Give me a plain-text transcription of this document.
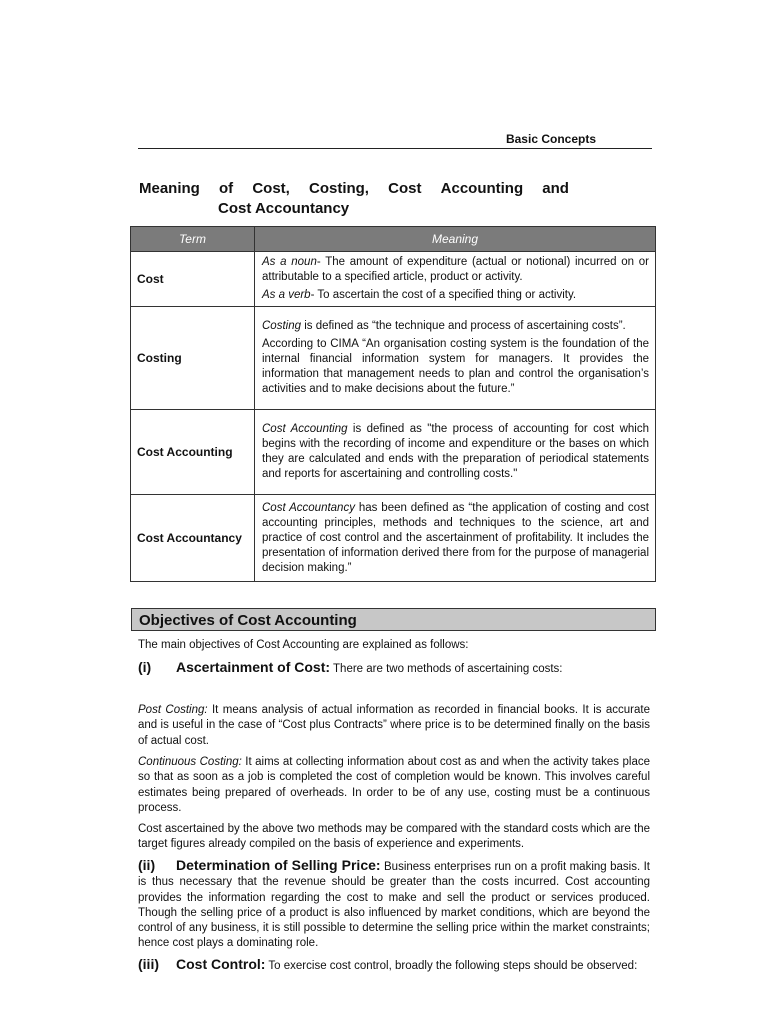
Basic Concepts
Meaning of Cost, Costing, Cost Accounting and
Cost Accountancy
Term	Meaning
Cost	As a noun- The amount of expenditure (actual or notional) incurred on or attributable to a specified article, product or activity.

As a verb- To ascertain the cost of a specified thing or activity.

Costing	Costing is defined as “the technique and process of ascertaining costs”.

According to CIMA “An organisation costing system is the foundation of the internal financial information system for managers. It provides the information that management needs to plan and control the organisation’s activities and to make decisions about the future.”

Cost Accounting	Cost Accounting is defined as "the process of accounting for cost which begins with the recording of income and expenditure or the bases on which they are calculated and ends with the preparation of periodical statements and reports for ascertaining and controlling costs."

Cost Accountancy	Cost Accountancy has been defined as “the application of costing and cost accounting principles, methods and techniques to the science, art and practice of cost control and the ascertainment of profitability. It includes the presentation of information derived there from for the purpose of managerial decision making.”

Objectives of Cost Accounting

The main objectives of Cost Accounting are explained as follows:

(i) Ascertainment of Cost: There are two methods of ascertaining costs:

Post Costing: It means analysis of actual information as recorded in financial books. It is accurate and is useful in the case of “Cost plus Contracts” where price is to be determined finally on the basis of actual cost.

Continuous Costing: It aims at collecting information about cost as and when the activity takes place so that as soon as a job is completed the cost of completion would be known. This involves careful estimates being prepared of overheads. In order to be of any use, costing must be a continuous process.

Cost ascertained by the above two methods may be compared with the standard costs which are the target figures already compiled on the basis of experience and experiments.

(ii) Determination of Selling Price: Business enterprises run on a profit making basis. It is thus necessary that the revenue should be greater than the costs incurred. Cost accounting provides the information regarding the cost to make and sell the product or services produced. Though the selling price of a product is also influenced by market conditions, which are beyond the control of any business, it is still possible to determine the selling price within the market constraints; hence cost plays a dominating role.

(iii) Cost Control: To exercise cost control, broadly the following steps should be observed:
